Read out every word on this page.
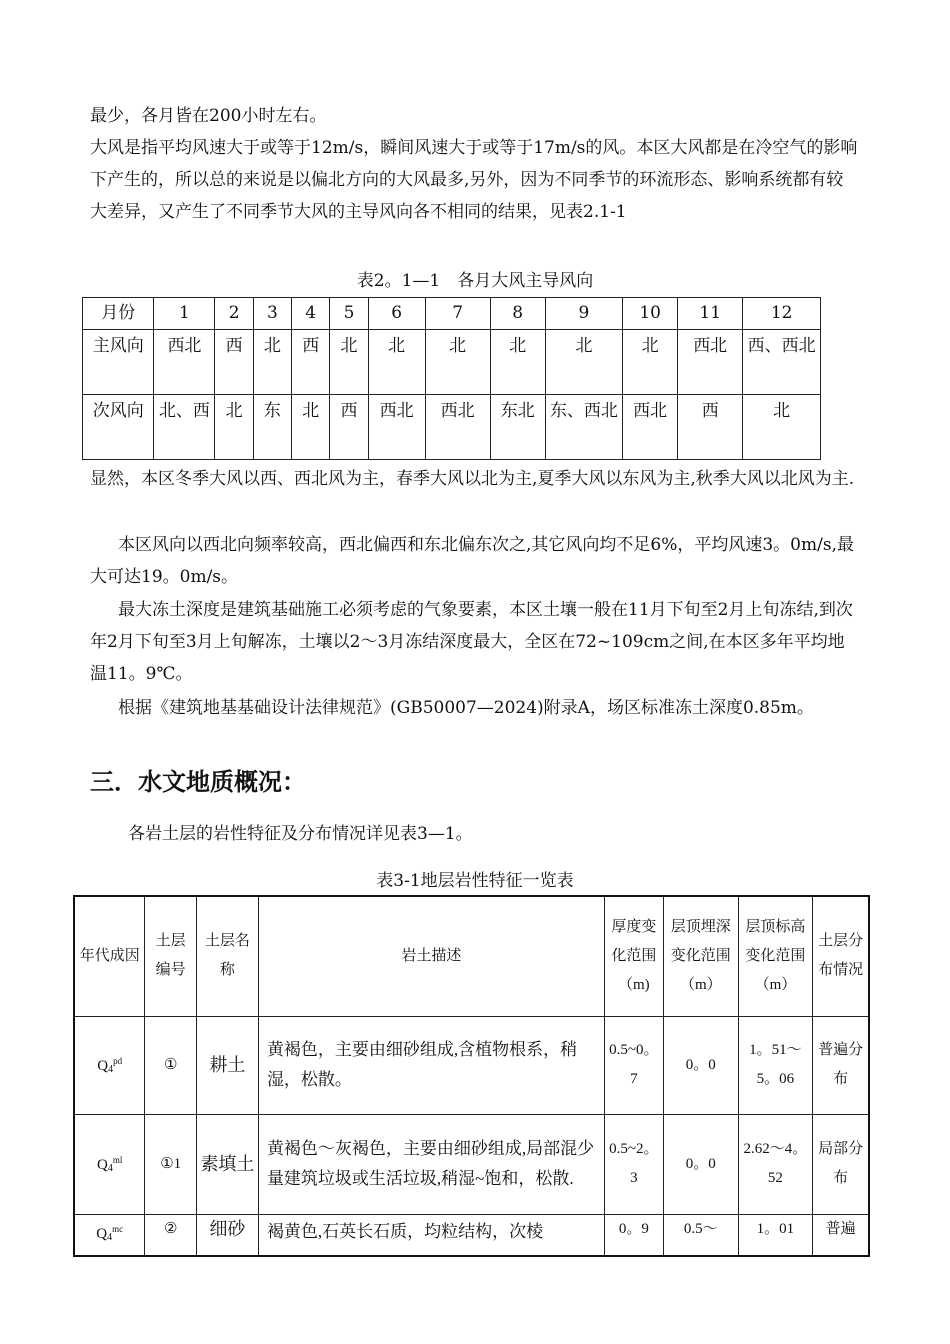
最少，各月皆在200小时左右。

大风是指平均风速大于或等于12m/s，瞬间风速大于或等于17m/s的风。本区大风都是在冷空气的影响下产生的，所以总的来说是以偏北方向的大风最多,另外，因为不同季节的环流形态、影响系统都有较大差异，又产生了不同季节大风的主导风向各不相同的结果，见表2.1-1

表2。1—1　各月大风主导风向

月份	1	2	3	4	5	6	7	8	9	10	11	12
主风向	西北	西	北	西	北	北	北	北	北	北	西北	西、西北
次风向	北、西	北	东	北	西	西北	西北	东北	东、西北	西北	西	北

显然，本区冬季大风以西、西北风为主，春季大风以北为主,夏季大风以东风为主,秋季大风以北风为主.

本区风向以西北向频率较高，西北偏西和东北偏东次之,其它风向均不足6%，平均风速3。0m/s,最大可达19。0m/s。

最大冻土深度是建筑基础施工必须考虑的气象要素，本区土壤一般在11月下旬至2月上旬冻结,到次年2月下旬至3月上旬解冻，土壤以2～3月冻结深度最大，全区在72~109cm之间,在本区多年平均地温11。9℃。

根据《建筑地基基础设计法律规范》(GB50007—2024)附录A，场区标准冻土深度0.85m。

三．水文地质概况：

各岩土层的岩性特征及分布情况详见表3—1。

表3-1地层岩性特征一览表

年代成因	土层编号	土层名称	岩土描述	厚度变化范围（m)	层顶埋深变化范围（m）	层顶标高变化范围（m）	土层分布情况
$Q_4^{pd}$	①	耕土	黄褐色，主要由细砂组成,含植物根系，稍湿，松散。	0.5~0。7	0。0	1。51～5。06	普遍分布
$Q_4^{ml}$	①1	素填土	黄褐色～灰褐色，主要由细砂组成,局部混少量建筑垃圾或生活垃圾,稍湿~饱和，松散.	0.5~2。3	0。0	2.62～4。52	局部分布
$Q_4^{mc}$	②	细砂	褐黄色,石英长石质，均粒结构，次棱	0。9	0.5～	1。01	普遍
